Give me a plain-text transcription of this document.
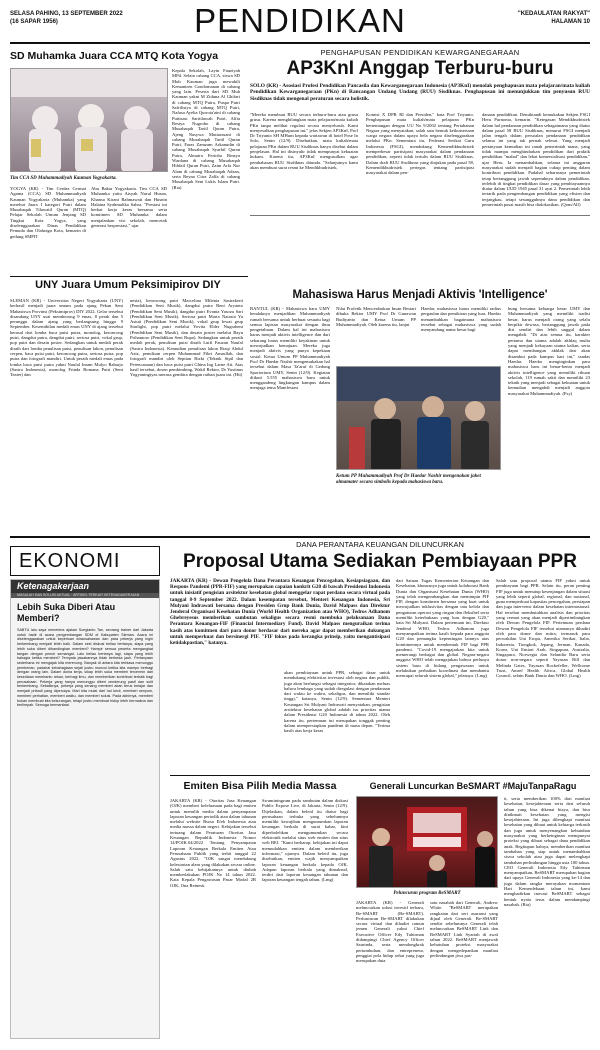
SELASA PAHING, 13 SEPTEMBER 2022
(16 SAPAR 1956)	PENDIDIKAN	"KEDAULATAN RAKYAT"
HALAMAN 10
SD Muhamka Juara CCA MTQ Kota Yogya
Tim CCA SD Muhammadiyah Kauman Yogyakarta.
YOGYA (KR) - Tim Cerdas Cermat Agama (CCA) SD Muhammadiyah Kauman Yogyakarta (Muhamka) yang merebut Juara I kategori Putri dalam Musabaqah Tilawatil Quran (MTQ) Pelajar Sekolah Umum Jenjang SD Tingkat Kota Yogya, yang diselenggarakan Dinas Pendidikan Pemuda dan Olahraga Kota, kemarin di gedung SMPIT
Abu Bakar Yogyakarta. Tim CCA SD Muhamka yaitu Aisyah Nurul Husna, Khansa Kirani Rahmawati dan Husnin Halaina Syahmalika Sahra. "Prestasi ini berkat kerja keras bersama serta komitmen SD Muhamka dalam menjalankan visi sekolah, mencetak generasi berprestasi," ujar
Kepala Sekolah, Layin Fauziyah MPd. Selain cabang CCA, siswa SD Muh Kauman juga mewakili Kemantren Gondomanan di cabang yang lain. Peserta dari SD Muh Kauman yakni M Ziduna Al Ghifari di cabang MTQ Putra, Puspa Putri Safrilistyo di cabang MTQ Putri, Nafasa Ayelia Qurrota'aini di cabang Puitisasi Saritilawah Putri, Alfia Restya Nugroho di cabang Musabaqah Tartil Quran Putra, Ajeng Nasywa Mutiarasani di cabang Musabaqah Tartil Quran Putri, Faras Zamzam Arkanudin di cabang Musabaqah Syarhil Quran Putra, Almaira Fertoha Rinzya Wardana di cabang Musabaqah Hifdzil Quran Putri, Zaim Arfa Nur Alam di cabang Musabaqah Adzan, serta Reyna Citra Zalfa di cabang Musabaqah Seni Lukis Islam Putri. (Ria)
PENGHAPUSAN PENDIDIKAN KEWARGANEGARAAN
AP3KnI Anggap Terburu-buru
SOLO (KR) - Asosiasi Profesi Pendidikan Pancasila dan Kewarganegaraan Indonesia (AP3KnI) menolak penghapusan mata pelajaran/mata kuliah Pendidikan Kewarganegaraan (PKn) di Rancangan Undang Undang (RUU) Sisdiknas. Penghapusan ini menunjukkan tim penyusun RUU Sisdiknas tidak mengenal peraturan secara holistik.
"Mereka membuat RUU secara terburu-buru atau grusa grusu. Karena menghilangkan mata pelajaran/mata kuliah PKn tanpa melihat regulasi secara menyeluruh. Kami menyesalkan penghapusan ini," jelas Sekjen AP3KnI, Prof Dr Triyanto SH MHum kepada wartawan di hotel Pose In Solo, Senin (12/9). Disebutkan, mata kuliah/mata pelajaran PKn dalam RUU Sisdiknas hanya disebut dalam penjelasan. Hal ini disinyalir tidak mempunyai kekuatan hukum. Karena itu, AP3KnI mengusulkan agar pembahasan RUU Sisdiknas ditunda. "Selanjutnya kami akan membuat surat resmi ke Mendikbudristek,
Komisi X DPR RI dan Presiden," kata Prof Triyanto. Penghapusan mata kuliah/mata pelajaran PKn bertentangan dengan UU No 9/2002 tentang Pertahanan Negara yang menyatakan, salah satu bentuk keikutsertaan warga negara dalam upaya bela negara diselenggarakan melalui PKn. Sementara itu, Federasi Serikat Guru Indonesia (FSGI), mendukung Kemendikbudristek memperbesar partisipasi masyarakat dalam pendanaan pendidikan, seperti tidak tertulis dalam RUU Sisdiknas. Dalam draft RUU Sisdiknas yang diajukan pada pasal 58, Kemendikbudristek pertegas tentang partisipasi masyarakat dalam pen-
danaan pendidikan. Demikiandi kemukakan Sekjen FSGI Heru Purnomo, kemarin. "Ketegasan Mendikbudristek dalam hal pendanaan pendidikan sebagaimana yang diatur dalam pasal 58 RUU Sisdiknas, menurut FSGI menjadi jalan tengah dalam persoalan pendanaan pendidikan selama ini yang tak pernah selesai. Yang menjadi pertanyaan kemudian ini ranah pemerintah mana, yang tidak mampu menghindarkan pendidikan dari praktik pendidikan "mahal" dan lekat komersialisasi pendidikan," ujar Heru. Ia menambahkan, selama ini anggaran masyarakat sudah menjadi bagian cukup penting dalam kontribusi pendidikan. Padahal seharusnya pemerintah tetap bertanggung jawab sepenuhnya dalam pendidikan, terlebih di tingkat pendidikan dasar yang pembiayaannya diatur dalam UUD 1945 pasal 31 ayat 2. Pemerintah lebih tertarik pada pengembangan pendidikan yang efisien dan terjangkau, tetapi sesungguhnya dana pendidikan dan pemerintah pusat masih bisa dialokasikan. (Qom/Alf)
UNY Juara Umum Peksimipirov DIY
SLEMAN (KR) - Universitas Negeri Yogyakarta (UNY) berhasil menjadi juara umum pada ajang Pekan Seni Mahasiswa Provinsi (Peksimiprov) DIY 2022. Gelar tersebut disandang UNY usai memborong 9 emas, 8 perak dan 5 perunggu dalam ajang yang berlangsung hingga 9 September. Kesemibilan medali emas UNY di ajang tersebut berasal dari lomba baca puisi putra, monolog, keroncong putri, dangdut putra, dangdut putri, seriosa putri, vokal grup, pop putri dan desain poster. Sedangkan untuk medali perak diraih dari lomba penulisan puisi, penulisan lakon, penulisan cerpen, baca puisi putri, keroncong putra, seriosa putra, pop putra dan fotografi mandiri. Untuk peraih medali emas pada lomba baca puisi putra yakni Naufal Imam Mulyo Raharjo (Sastra Indonesia), monolog Frinda Romana Putri (Seni Teater) dan
nesia), keroncong putri Marcelina Milenia Sastrakerti (Pendidikan Seni Musik), dangdut putra Beni Aryanto (Pendidikan Seni Musik), dangdut putri Evania Yasoza Sari (Pendidikan Seni Musik). Seriosa putri Marta Natasia Yu Astuti (Pendidikan Seni Musik), vokal grup lewat grup Starlight, pop putri melalui Yovita Elder Nugraheni (Pendidikan Seni Musik), dan desain poster melalui Bayu Prihantoro (Pendidikan Seni Rupa). Sedangkan untuk peraih medali perak, penulisan puisi diraih Lutfi Fauzan Naufal (Sastra Indonesia). Kemudian penulisan lakon Rizqi Abdul Aziz, penulisan cerpen Muhammad Fikri Amrullah, dan fotografi mandiri oleh Septian Rizki (Teknik Sipil dan Perencanaan) dan baca puisi putri Ghina Ing Larne Ati. Atas hasil tersebut, dosen pembimbing, Wakil Rektor, Dr Yustinus Yogyaningtyas merasa gembira dengan raihan juara ini. (Hit)
Mahasiswa Harus Menjadi Aktivis 'Intelligence'
BANTUL (KR) - Mahasiswa baru UMY hendaknya menjadikan Muhammadiyah rumah bersama untuk berbuat sesuatu bagi semua lapisan masyarakat dengan ilmu pengetahuan. Dalam hal ini mahasiswa harus menjadi aktivis intelligence dan dari sekarang harus memiliki keyakinan untuk mewujudkan kemajuan. Mereka juga menjadi aktivis yang punya kepekaan sosial. Ketua Umum PP Muhammadiyah Prof Dr Haedar Nashir mengemukakan hal tersebut dalam Masa Ta'aruf di Gedung Sportorium UMY, Senin (12/9). Kegiatan diikuti 5.555 mahasiswa baru untuk menggandeng lingkungan kampus dalam menjaga tema Manifestasi
Nilai Profetik Mencerdaskan Insan Bestari dibuka Rektor UMY Prof Dr Gunawan Budiyanto dan Ketua Umum PP Muhammadiyah. Oleh karena itu, lanjut
Haedar, mahasiswa harus memiliki radius pergaulan dan pemikiran yang luas. Haedar menambahkan bagaimana mahasiswa tersebut sebagai mahasiswa yang sudah menyandang nama besar bagi
bung bersama keluarga besar UMY dan Muhammadiyah yang memiliki tradisi besar, harus menjadi orang yang selalu berpikir dewasa, bertanggung jawab pada diri sendiri dan lebih unggul dalam mengabdi. "Di atas semua itu, karakter pertama dan utama adalah akhlaq mulia yang menjadi kekayaan utama kalian, serta dapat membangun akhlak dan akan disambut pada kampus hari ini," tandas Haedar. Haedar menginginkan para mahasiswa baru ini benar-benar menjadi aktivis intelligence yang memiliki ribuan sekolah, 119 rumah sakit dan memiliki 23 teknik yang menjadi sebagai kekuatan untuk kemudian mengabdi menjadi anggota masyarakat Muhammadiyah. (Fsy)
Ketum PP Muhammadiyah Prof Dr Haedar Nashir mengenakan jaket almamater secara simbolis kepada mahasiswa baru.
EKONOMI
Ketenagakerjaan
MASALAH DAN SOLUSI AKTUAL · ARTIKEL TERKAIT KETENAGAKERJAAN
Lebih Suka Diberi Atau Memberi?
SABTU lalu saya menerima ajakan Soegianto Tan, seorang trainer dari Jakarta untuk hadir di acara pengembangan SDM di Kabupaten Sleman. Acara ini diselenggarakan untuk keperluan wirausahawan dan para pekerja yang ingin berkembang menjadi lebih baik. Dalam sesi diskusi beliau bertanya, siapa yang lebih suka diberi dibandingkan memberi? Hampir semua peserta mengangkat tangan dengan penuh semangat. Lalu beliau bertanya lagi, siapa yang lebih bahagia ketika memberi? Ternyata jawabannya tidak berbeda jauh. Pertanyaan sederhana ini mengajak kita merenung. Banyak di antara kita terbiasa menunggu pemberian, padahal kebahagiaan sejati justru muncul ketika kita mampu berbagi dengan orang lain. Dalam dunia kerja, sikap lebih suka memberi tercermin dari kesediaan membantu rekan, berbagi ilmu, dan memberikan kontribusi terbaik bagi perusahaan. Pekerja yang hanya menunggu diberi cenderung pasif dan sulit berkembang. Sebaliknya, pekerja yang senang memberi akan terus belajar dan menjadi pribadi yang dipercaya. Mari kita mulai dari hal kecil, memberi senyum, memberi perhatian, memberi waktu, dan memberi solusi. Pada akhirnya, memberi bukan membuat kita kekurangan, tetapi justru membuat hidup lebih bermakna dan berlimpah. Semoga bermanfaat.
DANA PERANTARA KEUANGAN DILUNCURKAN
Proposal Utama Sediakan Pembiayaan PPR
JAKARTA (KR) - Dewan Pengelola Dana Perantara Keuangan Pencegahan, Kesiapsiagaan, dan Respons Pandemi (PPR-FIF) yang merupakan capaian konkrit G20 di bawah Presidensi Indonesia untuk inisiatif pengisian arsitektur kesehatan global menggelar rapat perdana secara virtual pada tanggal 8-9 September 2022. Dalam kesempatan tersebut, Menteri Keuangan Indonesia, Sri Mulyani Indrawati bersama dengan Presiden Grup Bank Dunia, David Malpass dan Direktur Jenderal Organisasi Kesehatan Dunia (World Health Organization atau WHO), Tedros Adhanom Ghebreyesus memberikan sambutan sekaligus secara resmi membuka pelaksanaan Dana Perantara Keuangan-FIF (Financial Intermediary Fund). David Malpass menguraikan terima kasih atas komitmen dari para donor berdasar dari mereka agar dapat memberikan dukungan untuk memperkuat dan bersinergi PIF. "FIF fokus pada kerangka prinsip, yaitu mengantisipasi ketidakpastian," katanya.
dari Satuan Tugas Kementerian Keuangan dan Kesehatan, khususnya juga untuk kolaborasi Bank Dunia dan Organisasi Kesehatan Dunia (WHO) yang telah mengembangkan dan memimpin PIF FIF, dengan komitmen bersama yang kuat untuk mewujudkan inklusivitas dengan tata kelola dan pengaturan operasi yang ringan dan fleksibel serta memiliki keterbukaan yang luas dengan G20," kata Sri Mulyani. Dalam pertemuan ini, Direktur Jenderal WHO, Tedros Adhanom juga menyampaikan terima kasih kepada para anggota G20 dan pemangku kepentingan lainnya atas komitmennya untuk membentuk FIF bagi PPR pandemi. "Covid-19 mengajarkan kita untuk memerangi berbagai dan global. Negara-negara anggota WHO telah mengajukan bahwa perlunya sistem baru di bidang pengawasan untuk melakukan perbaikan koordinasi dan membantu mencapai seluruh sistem global," jelasnya. (Lmg)
Salah satu proposal utama FIF yakni untuk pembiayaan bagi PPR. Selain itu, peran penting FIF juga untuk menutup kesenjangan dalam situasi yang lebih seperti global, regional, dan nasional, guna memperkuat kapasitas pencegahan, persiapan dan juga intervensi dalam kesehatan internasional. Hal tersebut membutuhkan analisis dan prioritas yang cermat yang akan menjadi dipertimbangkan oleh Dewan Pengelola FIF. Pertemuan perdana Dewan Pengelola FIF tersebut utamanya dihadiri oleh para donor dan mitra, termasuk para perwakilan Uni Eropa, Amerika Serikat, Italia, Indonesia, Tiongkok, Jepang, Jerman, Kanada, Korea, Uni Emirat Arab, Singapura, Australia, Singapura, Norwegia dan Selandia Baru serta donor non-negara seperti Yayasan Bill dan Melinda Gates, Yayasan Rockefeller, Wellcome Trust, Amref Health Africa, Global Health Council, selain Bank Dunia dan WHO. (Lmg)
akan pembiayaan untuk PPR, sebagai dasar untuk mendukung efektivitas investasi oleh negara dan publik, juga akan berfungsi sebagai integrator, dikatakan meluas bahwa lembaga yang sudah diregulasi dengan pendanaan dari waktu ke waktu, sekaligus, dan memiliki standar tinggi," katanya, Senin (12/9). Sementara Menteri Keuangan Sri Mulyani Indrawati menyatakan, pengisian arsitektur kesehatan global adalah isu prioritas utama dalam Presidensi G20 Indonesia di tahun 2022. Oleh karena itu, pertemuan ini merupakan tonggak penting dalam mempersiapkan pandemi di masa depan. "Terima kasih atas kerja keras
Emiten Bisa Pilih Media Massa
JAKARTA (KR) - Otoritas Jasa Keuangan (OJK) memberi keleluasaan pada bagi emiten untuk memilih media dalam penyampaian laporan keuangan periodik atau dalam tahunan melalui website Bursa Efek Indonesia atau media massa dalam negeri. Kebijakan tersebut tertuang dalam Peraturan Otoritas Jasa Keuangan Republik Indonesia Nomor 14/POJK.04/2022 Tentang Penyampaian Laporan Keuangan Berkala Emiten Atau Perusahaan Publik yang terbit tanggal 22 Agustus 2022. "OJK sangat mendukung kelestarian alam yang dilakukan secara online. Salah satu kebijakannya untuk diubah memberlakukan POJK No 14 tahun 2022. Kata Kepala Pengawasan Pasar Modal 2B OJK, Ona Retnesti
Swaminingrum pada sambutan dalam diskusi Public Expose Live, di Jakarta, Senin (12/9). Dijelaskan, dalam beleid itu diatur bagi perusahaan terbuka yang sebelumnya memiliki kewajiban mengumumkan laporan keuangan berkala di surat kabar, kini diperbolehkan mengumumkan secara elektronik melalui situs web emiten dan situs web BEI. "Kami berharap, kebijakan ini dapat memudahkan emiten dalam memberikan informasi," ujarnya. Dalam beleid itu, juga disebutkan, emiten wajib menyampaikan laporan keuangan berkala kepada OJK. Adapun laporan berkala yang dimaksud, terdiri dari laporan keuangan tahunan dan laporan keuangan tengah tahun. (Lmg)
Generali Luncurkan BeSMART #MajuTanpaRagu
Peluncuran program BeSMART
JAKARTA (KR) - Generali meluncurkan solusi investif terbaru, Be-SMART (Be-SMART). Perluncuran Be-SMART dilakukan secara virtual dan dihadiri ramun jemen Generali yakni Chief Executive Officer Edy Tuhirman didampingi Chief Agency Officer Saurinda, serta mendongkrak pertumbuhan, dan entrepreneur, penggiat pola hidup sehat yang juga merupakan duta
satu nasabah dari Generali, Andrew White. "BeSMART merupakan rangkaian dari seri asuransi yang dijual oleh Generali. Be-SMART sendiri sebelumnya Generali telah meluncurkan BeSMART Link dan BeSMART Link Syariah di awal tahun 2022. BeSMART menjawab kebutuhan proteksi masyarakat dengan mengedepankan manfaat perlindungan jiwa pas-
ti, serta memberikan 100% dari manfaat kesehatan, kesejahteraan serta dari seluruh tahun yang bisa dikenai biaya, dan bisa dinikmati kesehatan yang mengisi kesejahteraan. Ini juga dilengkapi manfaat kesehatan yang dibuat untuk keluarga terkasih dan juga untuk menyenangkan kebutuhan masyarakat yang berkeinginan mempunyai proteksi yang dibuat sebagai dana pendidikan anak. Begitupun halnya, memberikan manfaat tambahan yang siap untuk menambahkan siswa sekolah atau juga dapat melengkapi tambahan perlindungan hingga usia 100 tahun. CEO Generali Indonesia Edy Tuhirman menyampaikan, BeSMART merupakan bagian dari upaya Generali Indonesia yang ke-14 dan juga dalam rangka merayakan momentum Hari Kemerdekaan tahun ini, kami menghadirkan inovasi BeSMART sebagai bentuk nyata terus dalam mendampingi nasabah. (Ria)
